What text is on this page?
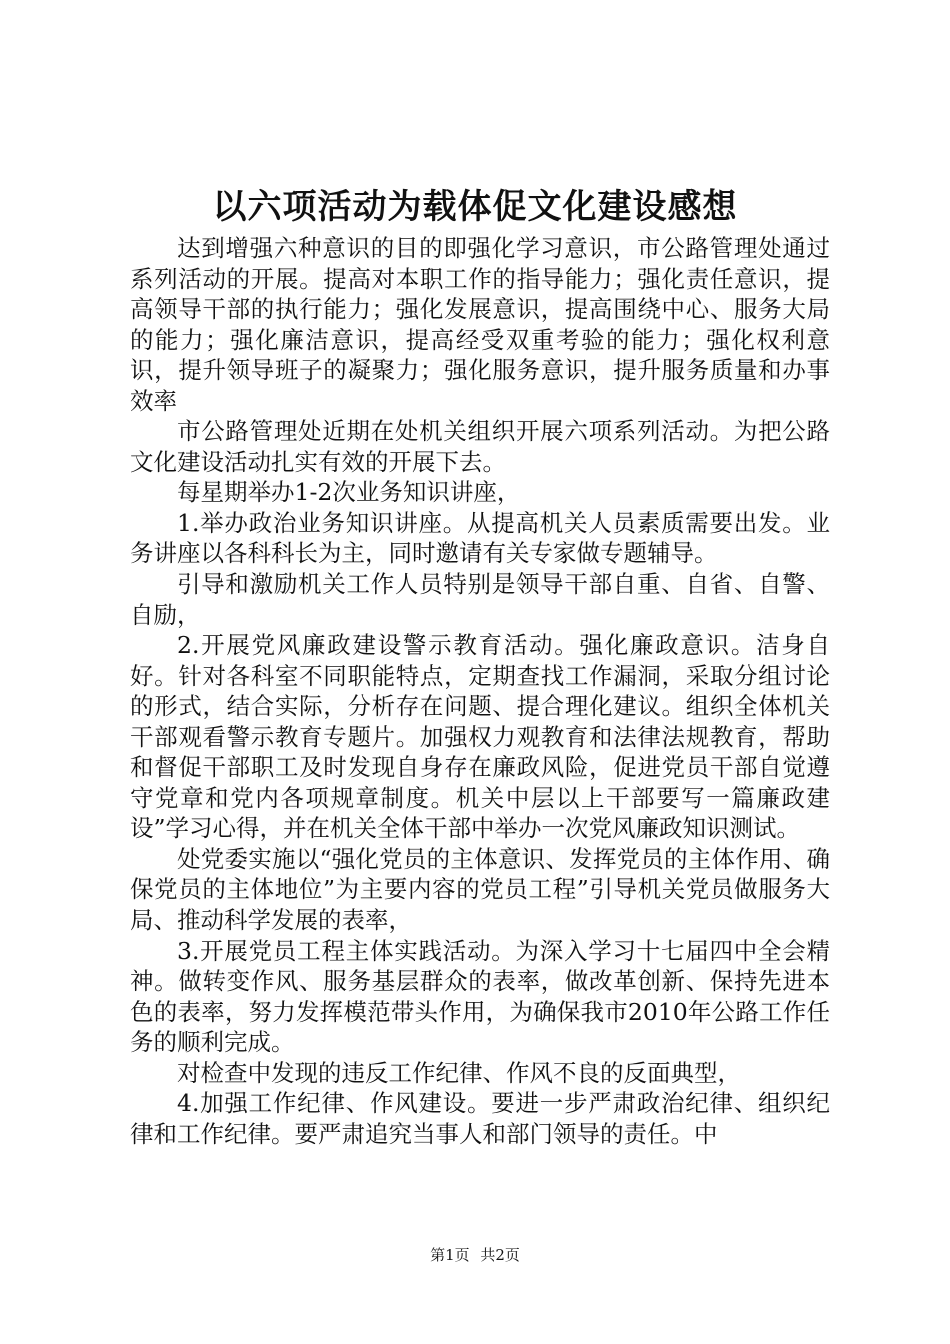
以六项活动为载体促文化建设感想

达到增强六种意识的目的即强化学习意识，市公路管理处通过系列活动的开展。提高对本职工作的指导能力；强化责任意识，提高领导干部的执行能力；强化发展意识，提高围绕中心、服务大局的能力；强化廉洁意识，提高经受双重考验的能力；强化权利意识，提升领导班子的凝聚力；强化服务意识，提升服务质量和办事效率

市公路管理处近期在处机关组织开展六项系列活动。为把公路文化建设活动扎实有效的开展下去。

每星期举办1-2次业务知识讲座，

1.举办政治业务知识讲座。从提高机关人员素质需要出发。业务讲座以各科科长为主，同时邀请有关专家做专题辅导。

引导和激励机关工作人员特别是领导干部自重、自省、自警、自励，

2.开展党风廉政建设警示教育活动。强化廉政意识。洁身自好。针对各科室不同职能特点，定期查找工作漏洞，采取分组讨论的形式，结合实际，分析存在问题、提合理化建议。组织全体机关干部观看警示教育专题片。加强权力观教育和法律法规教育，帮助和督促干部职工及时发现自身存在廉政风险，促进党员干部自觉遵守党章和党内各项规章制度。机关中层以上干部要写一篇廉政建设”学习心得，并在机关全体干部中举办一次党风廉政知识测试。

处党委实施以“强化党员的主体意识、发挥党员的主体作用、确保党员的主体地位”为主要内容的党员工程”引导机关党员做服务大局、推动科学发展的表率，

3.开展党员工程主体实践活动。为深入学习十七届四中全会精神。做转变作风、服务基层群众的表率，做改革创新、保持先进本色的表率，努力发挥模范带头作用，为确保我市2010年公路工作任务的顺利完成。

对检查中发现的违反工作纪律、作风不良的反面典型，

4.加强工作纪律、作风建设。要进一步严肃政治纪律、组织纪律和工作纪律。要严肃追究当事人和部门领导的责任。中

第1页 共2页
